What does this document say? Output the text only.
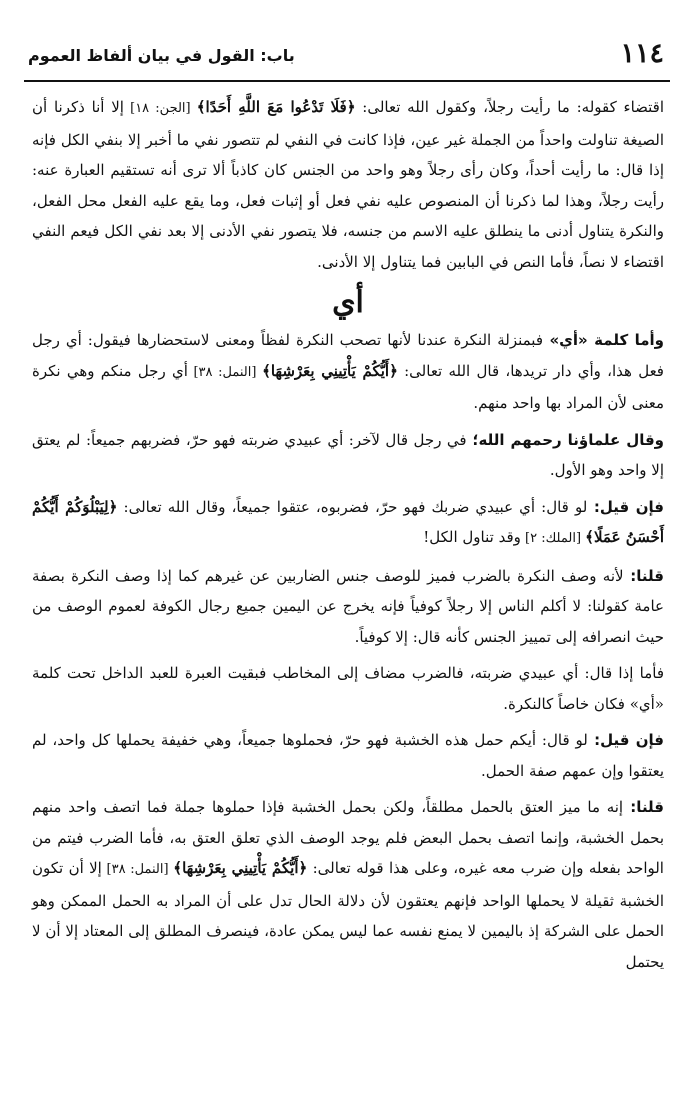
١١٤
باب: القول في بيان ألفاظ العموم

اقتضاء كقوله: ما رأيت رجلاً، وكقول الله تعالى: ﴿فَلَا تَدْعُوا مَعَ اللَّهِ أَحَدًا﴾ [الجن: ١٨] إلا أنا ذكرنا أن الصيغة تناولت واحداً من الجملة غير عين، فإذا كانت في النفي لم تتصور نفي ما أخبر إلا بنفي الكل فإنه إذا قال: ما رأيت أحداً، وكان رأى رجلاً وهو واحد من الجنس كان كاذباً ألا ترى أنه تستقيم العبارة عنه: رأيت رجلاً، وهذا لما ذكرنا أن المنصوص عليه نفي فعل أو إثبات فعل، وما يقع عليه الفعل محل الفعل، والنكرة يتناول أدنى ما ينطلق عليه الاسم من جنسه، فلا يتصور نفي الأدنى إلا بعد نفي الكل فيعم النفي اقتضاء لا نصاً، فأما النص في البابين فما يتناول إلا الأدنى.

أي

وأما كلمة «أي» فبمنزلة النكرة عندنا لأنها تصحب النكرة لفظاً ومعنى لاستحضارها فيقول: أي رجل فعل هذا، وأي دار تريدها، قال الله تعالى: ﴿أَيُّكُمْ يَأْتِينِي بِعَرْشِهَا﴾ [النمل: ٣٨] أي رجل منكم وهي نكرة معنى لأن المراد بها واحد منهم.

وقال علماؤنا رحمهم الله؛ في رجل قال لآخر: أي عبيدي ضربته فهو حرّ، فضربهم جميعاً: لم يعتق إلا واحد وهو الأول.

فإن قيل: لو قال: أي عبيدي ضربك فهو حرّ، فضربوه، عتقوا جميعاً، وقال الله تعالى: ﴿لِيَبْلُوَكُمْ أَيُّكُمْ أَحْسَنُ عَمَلًا﴾ [الملك: ٢] وقد تناول الكل!

قلنا: لأنه وصف النكرة بالضرب فميز للوصف جنس الضاربين عن غيرهم كما إذا وصف النكرة بصفة عامة كقولنا: لا أكلم الناس إلا رجلاً كوفياً فإنه يخرج عن اليمين جميع رجال الكوفة لعموم الوصف من حيث انصرافه إلى تمييز الجنس كأنه قال: إلا كوفياً.

فأما إذا قال: أي عبيدي ضربته، فالضرب مضاف إلى المخاطب فبقيت العبرة للعبد الداخل تحت كلمة «أي» فكان خاصاً كالنكرة.

فإن قيل: لو قال: أيكم حمل هذه الخشبة فهو حرّ، فحملوها جميعاً، وهي خفيفة يحملها كل واحد، لم يعتقوا وإن عمهم صفة الحمل.

قلنا: إنه ما ميز العتق بالحمل مطلقاً، ولكن بحمل الخشبة فإذا حملوها جملة فما اتصف واحد منهم بحمل الخشبة، وإنما اتصف بحمل البعض فلم يوجد الوصف الذي تعلق العتق به، فأما الضرب فيتم من الواحد بفعله وإن ضرب معه غيره، وعلى هذا قوله تعالى: ﴿أَيُّكُمْ يَأْتِينِي بِعَرْشِهَا﴾ [النمل: ٣٨] إلا أن تكون الخشبة ثقيلة لا يحملها الواحد فإنهم يعتقون لأن دلالة الحال تدل على أن المراد به الحمل الممكن وهو الحمل على الشركة إذ باليمين لا يمنع نفسه عما ليس يمكن عادة، فينصرف المطلق إلى المعتاد إلا أن لا يحتمل
